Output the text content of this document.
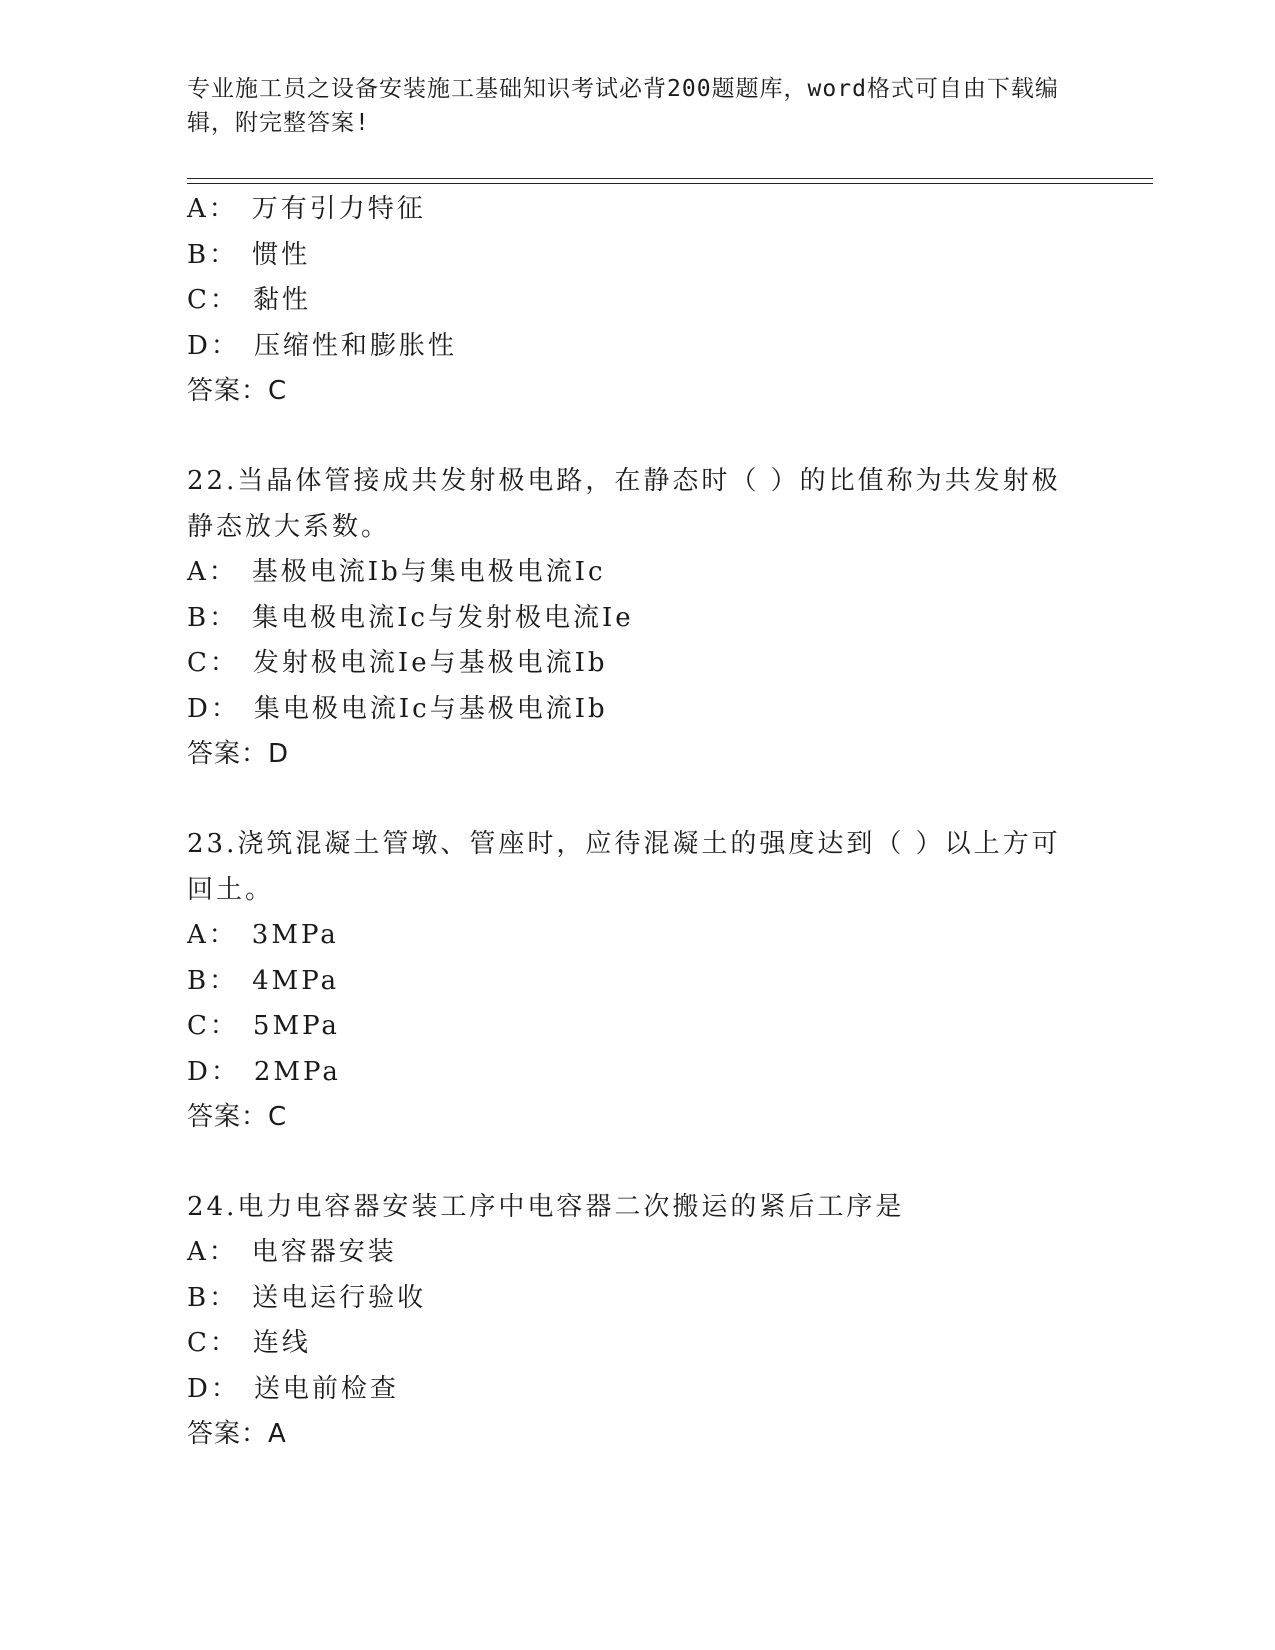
专业施工员之设备安装施工基础知识考试必背200题题库，word格式可自由下载编辑，附完整答案!
A： 万有引力特征
B： 惯性
C： 黏性
D： 压缩性和膨胀性
答案：C
22.当晶体管接成共发射极电路，在静态时（ ）的比值称为共发射极静态放大系数。
A： 基极电流Ib与集电极电流Ic
B： 集电极电流Ic与发射极电流Ie
C： 发射极电流Ie与基极电流Ib
D： 集电极电流Ic与基极电流Ib
答案：D
23.浇筑混凝土管墩、管座时，应待混凝土的强度达到（ ）以上方可回土。
A： 3MPa
B： 4MPa
C： 5MPa
D： 2MPa
答案：C
24.电力电容器安装工序中电容器二次搬运的紧后工序是
A： 电容器安装
B： 送电运行验收
C： 连线
D： 送电前检查
答案：A
